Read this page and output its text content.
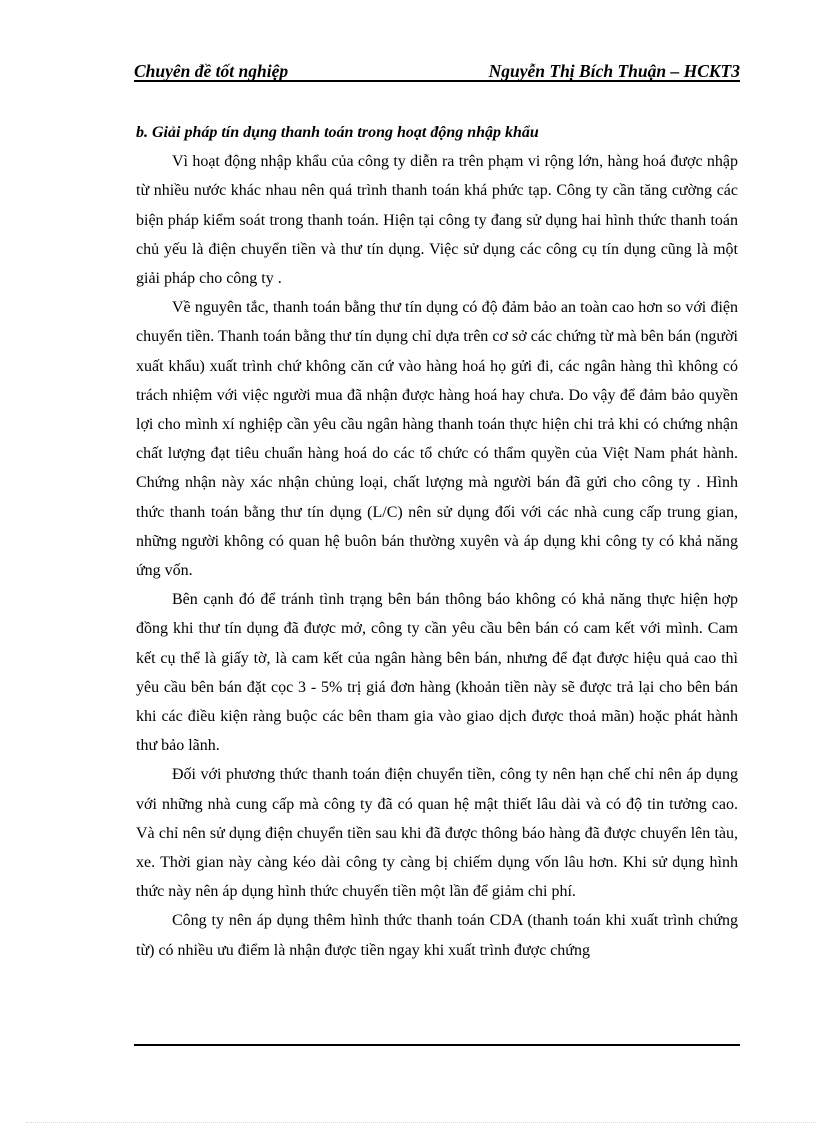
Chuyên đề tốt nghiệp	Nguyễn Thị Bích Thuận – HCKT3

b. Giải pháp tín dụng thanh toán trong hoạt động nhập khẩu

Vì hoạt động nhập khẩu của công ty diễn ra trên phạm vi rộng lớn, hàng hoá được nhập từ nhiều nước khác nhau nên quá trình thanh toán khá phức tạp. Công ty cần tăng cường các biện pháp kiểm soát trong thanh toán. Hiện tại công ty đang sử dụng hai hình thức thanh toán chủ yếu là điện chuyển tiền và thư tín dụng. Việc sử dụng các công cụ tín dụng cũng là một giải pháp cho công ty .

Về nguyên tắc, thanh toán bằng thư tín dụng có độ đảm bảo an toàn cao hơn so với điện chuyển tiền. Thanh toán bằng thư tín dụng chỉ dựa trên cơ sở các chứng từ mà bên bán (người xuất khẩu) xuất trình chứ không căn cứ vào hàng hoá họ gửi đi, các ngân hàng thì không có trách nhiệm với việc người mua đã nhận được hàng hoá hay chưa. Do vậy để đảm bảo quyền lợi cho mình xí nghiệp cần yêu cầu ngân hàng thanh toán thực hiện chi trả khi có chứng nhận chất lượng đạt tiêu chuẩn hàng hoá do các tổ chức có thẩm quyền của Việt Nam phát hành. Chứng nhận này xác nhận chủng loại, chất lượng mà người bán đã gửi cho công ty . Hình thức thanh toán bằng thư tín dụng (L/C) nên sử dụng đối với các nhà cung cấp trung gian, những người không có quan hệ buôn bán thường xuyên và áp dụng khi công ty có khả năng ứng vốn.

Bên cạnh đó để tránh tình trạng bên bán thông báo không có khả năng thực hiện hợp đồng khi thư tín dụng đã được mở, công ty cần yêu cầu bên bán có cam kết với mình. Cam kết cụ thể là giấy tờ, là cam kết của ngân hàng bên bán, nhưng để đạt được hiệu quả cao thì yêu cầu bên bán đặt cọc 3 - 5% trị giá đơn hàng (khoản tiền này sẽ được trả lại cho bên bán khi các điều kiện ràng buộc các bên tham gia vào giao dịch được thoả mãn) hoặc phát hành thư bảo lãnh.

Đối với phương thức thanh toán điện chuyển tiền, công ty nên hạn chế chỉ nên áp dụng với những nhà cung cấp mà công ty đã có quan hệ mật thiết lâu dài và có độ tin tưởng cao. Và chỉ nên sử dụng điện chuyển tiền sau khi đã được thông báo hàng đã được chuyển lên tàu, xe. Thời gian này càng kéo dài công ty càng bị chiếm dụng vốn lâu hơn. Khi sử dụng hình thức này nên áp dụng hình thức chuyển tiền một lần để giảm chi phí.

Công ty nên áp dụng thêm hình thức thanh toán CDA (thanh toán khi xuất trình chứng từ) có nhiều ưu điểm là nhận được tiền ngay khi xuất trình được chứng
